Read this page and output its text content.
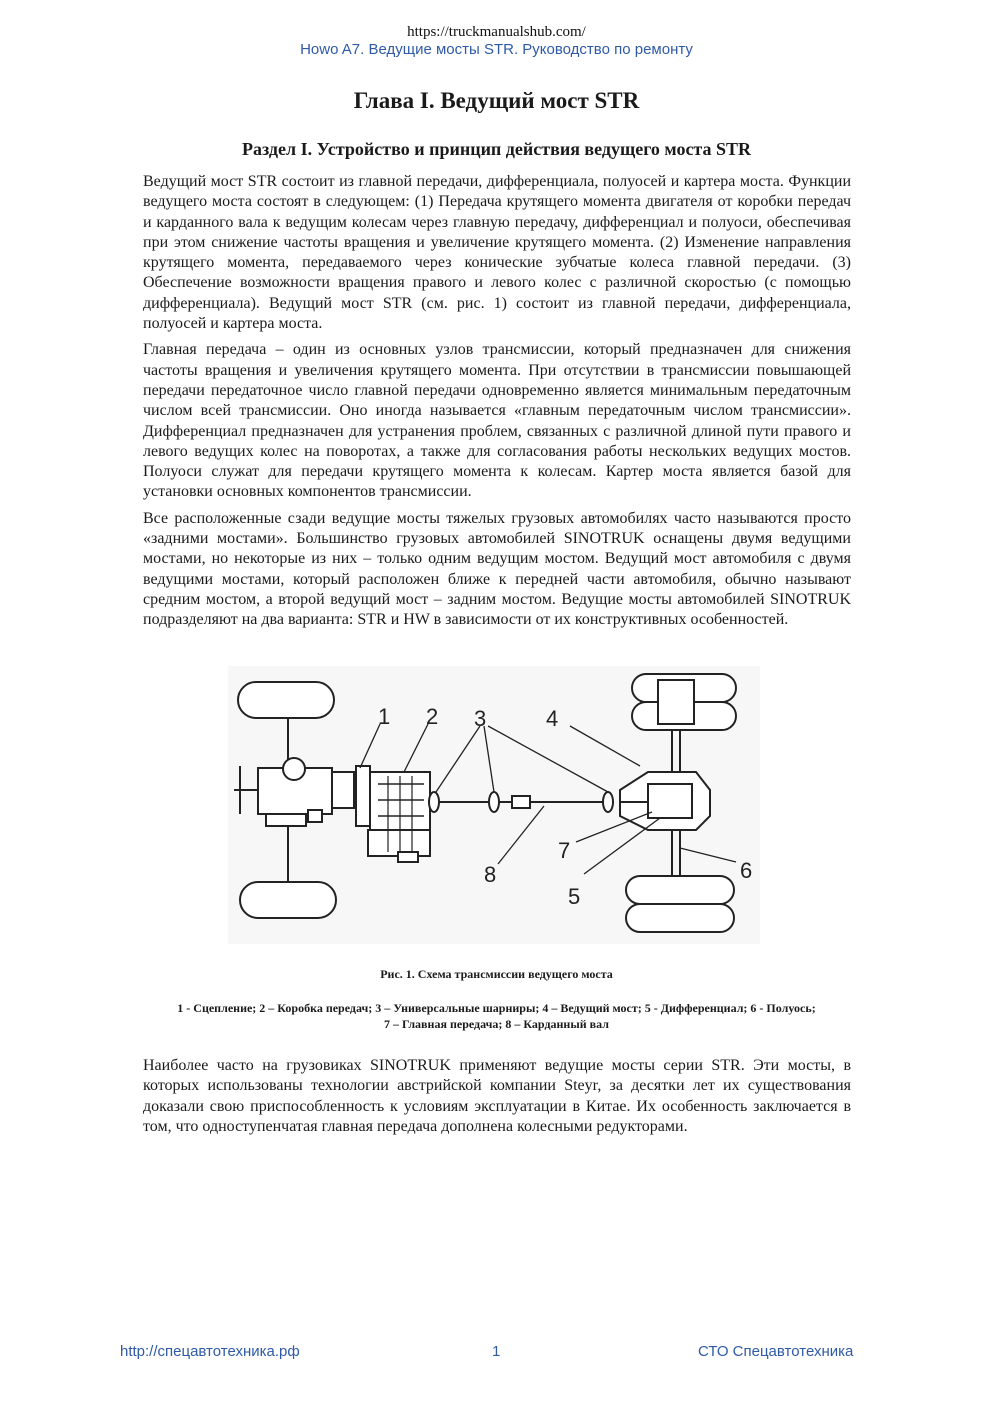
https://truckmanualshub.com/
Howo A7. Ведущие мосты STR. Руководство по ремонту
Глава I. Ведущий мост STR
Раздел I. Устройство и принцип действия ведущего моста STR

Ведущий мост STR состоит из главной передачи, дифференциала, полуосей и картера моста. Функции ведущего моста состоят в следующем: (1) Передача крутящего момента двигателя от коробки передач и карданного вала к ведущим колесам через главную передачу, дифференциал и полуоси, обеспечивая при этом снижение частоты вращения и увеличение крутящего момента. (2) Изменение направления крутящего момента, передаваемого через конические зубчатые колеса главной передачи. (3) Обеспечение возможности вращения правого и левого колес с различной скоростью (с помощью дифференциала). Ведущий мост STR (см. рис. 1) состоит из главной передачи, дифференциала, полуосей и картера моста.

Главная передача – один из основных узлов трансмиссии, который предназначен для снижения частоты вращения и увеличения крутящего момента. При отсутствии в трансмиссии повышающей передачи передаточное число главной передачи одновременно является минимальным передаточным числом всей трансмиссии. Оно иногда называется «главным передаточным числом трансмиссии». Дифференциал предназначен для устранения проблем, связанных с различной длиной пути правого и левого ведущих колес на поворотах, а также для согласования работы нескольких ведущих мостов. Полуоси служат для передачи крутящего момента к колесам. Картер моста является базой для установки основных компонентов трансмиссии.

Все расположенные сзади ведущие мосты тяжелых грузовых автомобилях часто называются просто «задними мостами». Большинство грузовых автомобилей SINOTRUK оснащены двумя ведущими мостами, но некоторые из них – только одним ведущим мостом. Ведущий мост автомобиля с двумя ведущими мостами, который расположен ближе к передней части автомобиля, обычно называют средним мостом, а второй ведущий мост – задним мостом. Ведущие мосты автомобилей SINOTRUK подразделяют на два варианта: STR и HW в зависимости от их конструктивных особенностей.

1 2 3	4
5
6
7
8
Рис. 1. Схема трансмиссии ведущего моста
1 - Сцепление; 2 – Коробка передач; 3 – Универсальные шарниры; 4 – Ведущий мост; 5 - Дифференциал; 6 - Полуось;
7 – Главная передача; 8 – Карданный вал

Наиболее часто на грузовиках SINOTRUK применяют ведущие мосты серии STR. Эти мосты, в которых использованы технологии австрийской компании Steyr, за десятки лет их существования доказали свою приспособленность к условиям эксплуатации в Китае. Их особенность заключается в том, что одноступенчатая главная передача дополнена колесными редукторами.

http://спецавтотехника.рф	1	СТО Спецавтотехника
